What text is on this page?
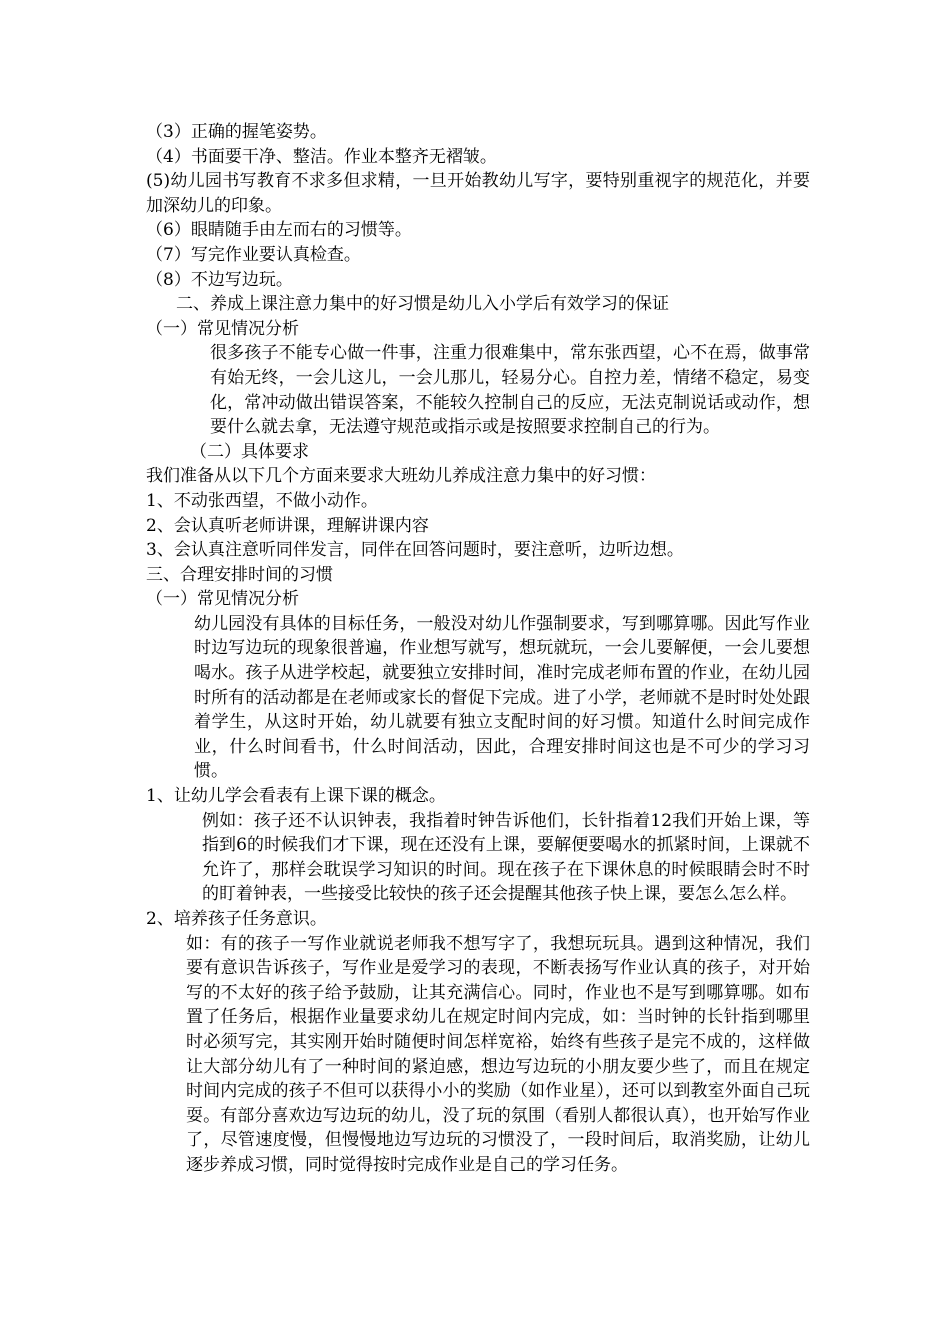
（3）正确的握笔姿势。

（4）书面要干净、整洁。作业本整齐无褶皱。

(5)幼儿园书写教育不求多但求精，一旦开始教幼儿写字，要特别重视字的规范化，并要加深幼儿的印象。

（6）眼睛随手由左而右的习惯等。

（7）写完作业要认真检查。

（8）不边写边玩。

二、养成上课注意力集中的好习惯是幼儿入小学后有效学习的保证

（一）常见情况分析

很多孩子不能专心做一件事，注重力很难集中，常东张西望，心不在焉，做事常有始无终，一会儿这儿，一会儿那儿，轻易分心。自控力差，情绪不稳定，易变化，常冲动做出错误答案，不能较久控制自己的反应，无法克制说话或动作，想要什么就去拿，无法遵守规范或指示或是按照要求控制自己的行为。

（二）具体要求

我们准备从以下几个方面来要求大班幼儿养成注意力集中的好习惯：

1、不动张西望，不做小动作。

2、会认真听老师讲课，理解讲课内容

3、会认真注意听同伴发言，同伴在回答问题时，要注意听，边听边想。

三、合理安排时间的习惯

（一）常见情况分析

幼儿园没有具体的目标任务，一般没对幼儿作强制要求，写到哪算哪。因此写作业时边写边玩的现象很普遍，作业想写就写，想玩就玩，一会儿要解便，一会儿要想喝水。孩子从进学校起，就要独立安排时间，准时完成老师布置的作业，在幼儿园时所有的活动都是在老师或家长的督促下完成。进了小学，老师就不是时时处处跟着学生，从这时开始，幼儿就要有独立支配时间的好习惯。知道什么时间完成作业，什么时间看书，什么时间活动，因此，合理安排时间这也是不可少的学习习惯。

1、让幼儿学会看表有上课下课的概念。

例如：孩子还不认识钟表，我指着时钟告诉他们，长针指着12我们开始上课，等指到6的时候我们才下课，现在还没有上课，要解便要喝水的抓紧时间，上课就不允许了，那样会耽误学习知识的时间。现在孩子在下课休息的时候眼睛会时不时的盯着钟表，一些接受比较快的孩子还会提醒其他孩子快上课，要怎么怎么样。

2、培养孩子任务意识。

如：有的孩子一写作业就说老师我不想写字了，我想玩玩具。遇到这种情况，我们要有意识告诉孩子，写作业是爱学习的表现，不断表扬写作业认真的孩子，对开始写的不太好的孩子给予鼓励，让其充满信心。同时，作业也不是写到哪算哪。如布置了任务后，根据作业量要求幼儿在规定时间内完成，如：当时钟的长针指到哪里时必须写完，其实刚开始时随便时间怎样宽裕，始终有些孩子是完不成的，这样做让大部分幼儿有了一种时间的紧迫感，想边写边玩的小朋友要少些了，而且在规定时间内完成的孩子不但可以获得小小的奖励（如作业星），还可以到教室外面自己玩耍。有部分喜欢边写边玩的幼儿，没了玩的氛围（看别人都很认真），也开始写作业了，尽管速度慢，但慢慢地边写边玩的习惯没了，一段时间后，取消奖励，让幼儿逐步养成习惯，同时觉得按时完成作业是自己的学习任务。
